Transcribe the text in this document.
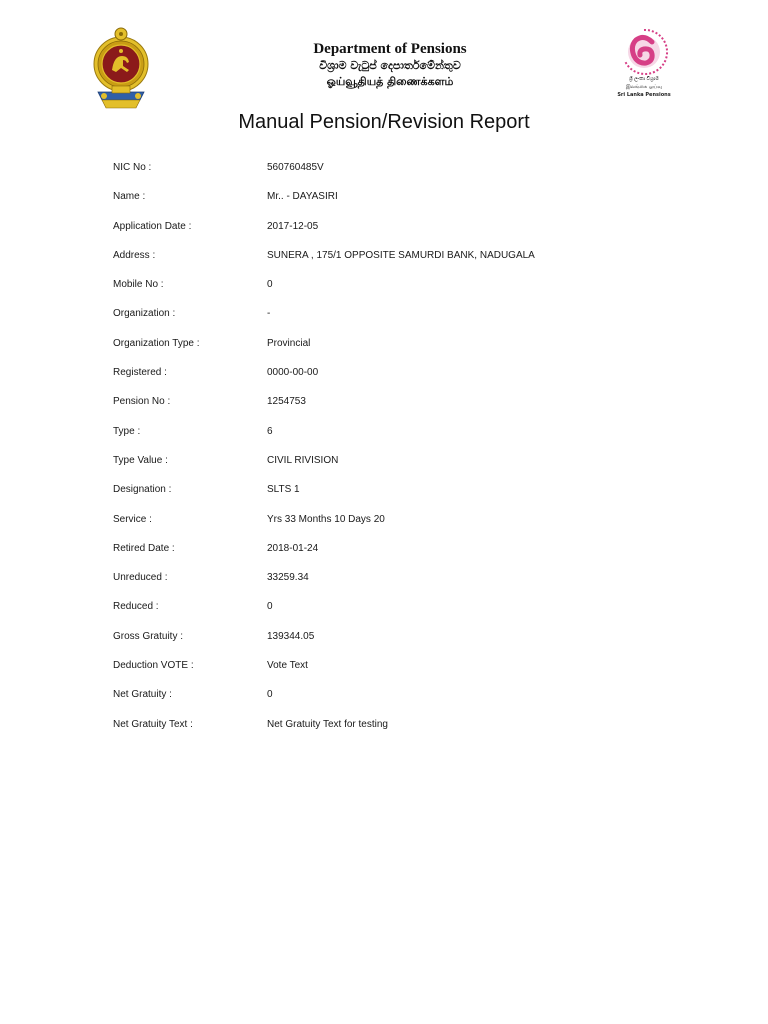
Department of Pensions
විශ්‍රාම වැටුප් දෙපාර්තමේන්තුව
ஓய்வூதியத் திணைக்களம்	ශ්‍රී ලංකා විශ්‍රාම
இலங்கை ஓய்வு
Sri Lanka Pensions
Manual Pension/Revision Report
NIC No :	560760485V
Name :	Mr.. - DAYASIRI
Application Date :	2017-12-05
Address :	SUNERA , 175/1 OPPOSITE SAMURDI BANK, NADUGALA
Mobile No :	0
Organization :	-
Organization Type :	Provincial
Registered :	0000-00-00
Pension No :	1254753
Type :	6
Type Value :	CIVIL RIVISION
Designation :	SLTS 1
Service :	Yrs 33 Months 10 Days 20
Retired Date :	2018-01-24
Unreduced :	33259.34
Reduced :	0
Gross Gratuity :	139344.05
Deduction VOTE :	Vote Text
Net Gratuity :	0
Net Gratuity Text :	Net Gratuity Text for testing
